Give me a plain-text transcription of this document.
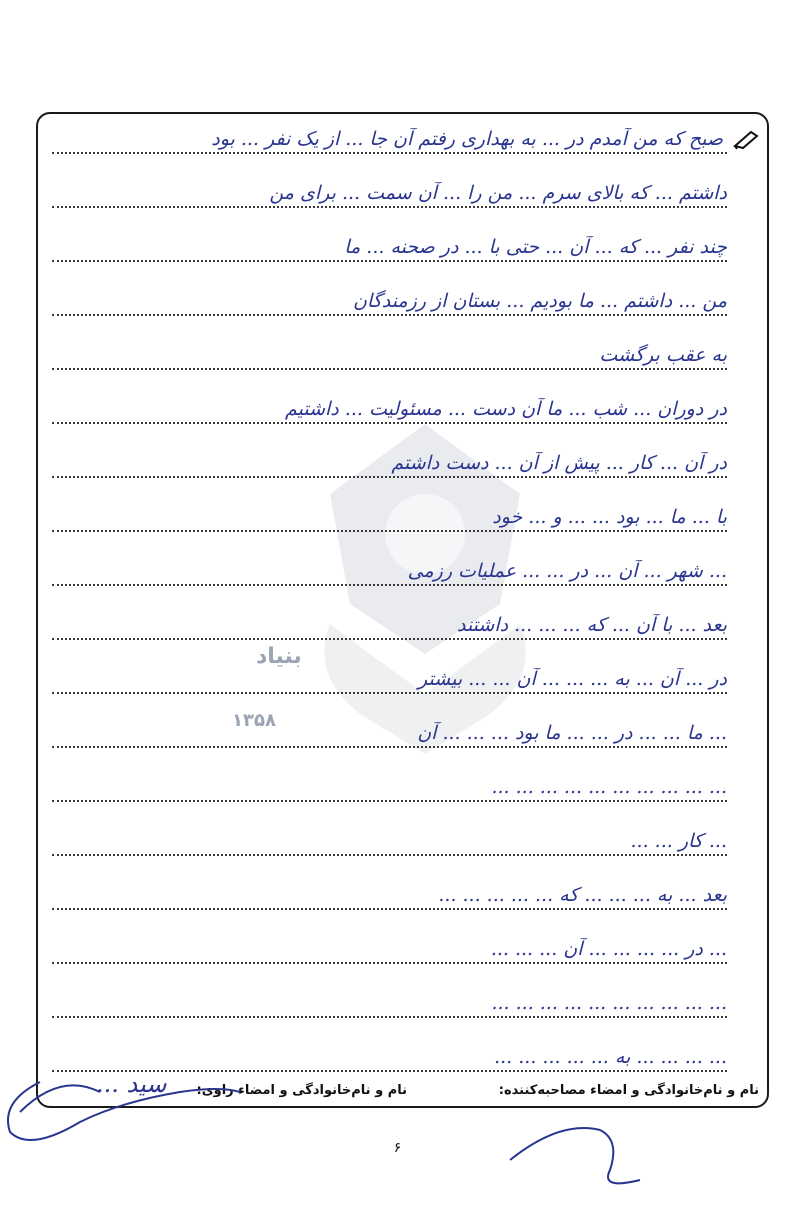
صبح که من آمدم در ... به بهداری رفتم آن جا ... از یک نفر ... بود
داشتم ... که بالای سرم ... من را ... آن سمت ... برای من
چند نفر ... که ... آن ... حتی با ... در صحنه ... ما
من ... داشتم ... ما بودیم ... بستان از رزمندگان
به عقب برگشت
در دوران ... شب ... ما آن دست ... مسئولیت ... داشتیم
در آن ... کار ... پیش از آن ... دست داشتم
با ... ما ... بود ... ... و ... خود
... شهر ... آن ... در ... ... عملیات رزمی
بعد ... با آن ... که ... ... ... داشتند
در ... آن ... به ... ... ... آن ... ... بیشتر
... ما ... ... در ... ... ما بود ... ... ... آن
... ... ... ... ... ... ... ... ... ...
... کار ... ...
بعد ... به ... ... ... که ... ... ... ... ...
... در ... ... ... ... آن ... ... ...
... ... ... ... ... ... ... ... ... ...
... ... ... ... به ... ... ... ... ...
نام و نام‌خانوادگی و امضاء مصاحبه‌کننده:
نام و نام‌خانوادگی و امضاء راوی:
بنیاد
۱۳۵۸
سید ...
۶
